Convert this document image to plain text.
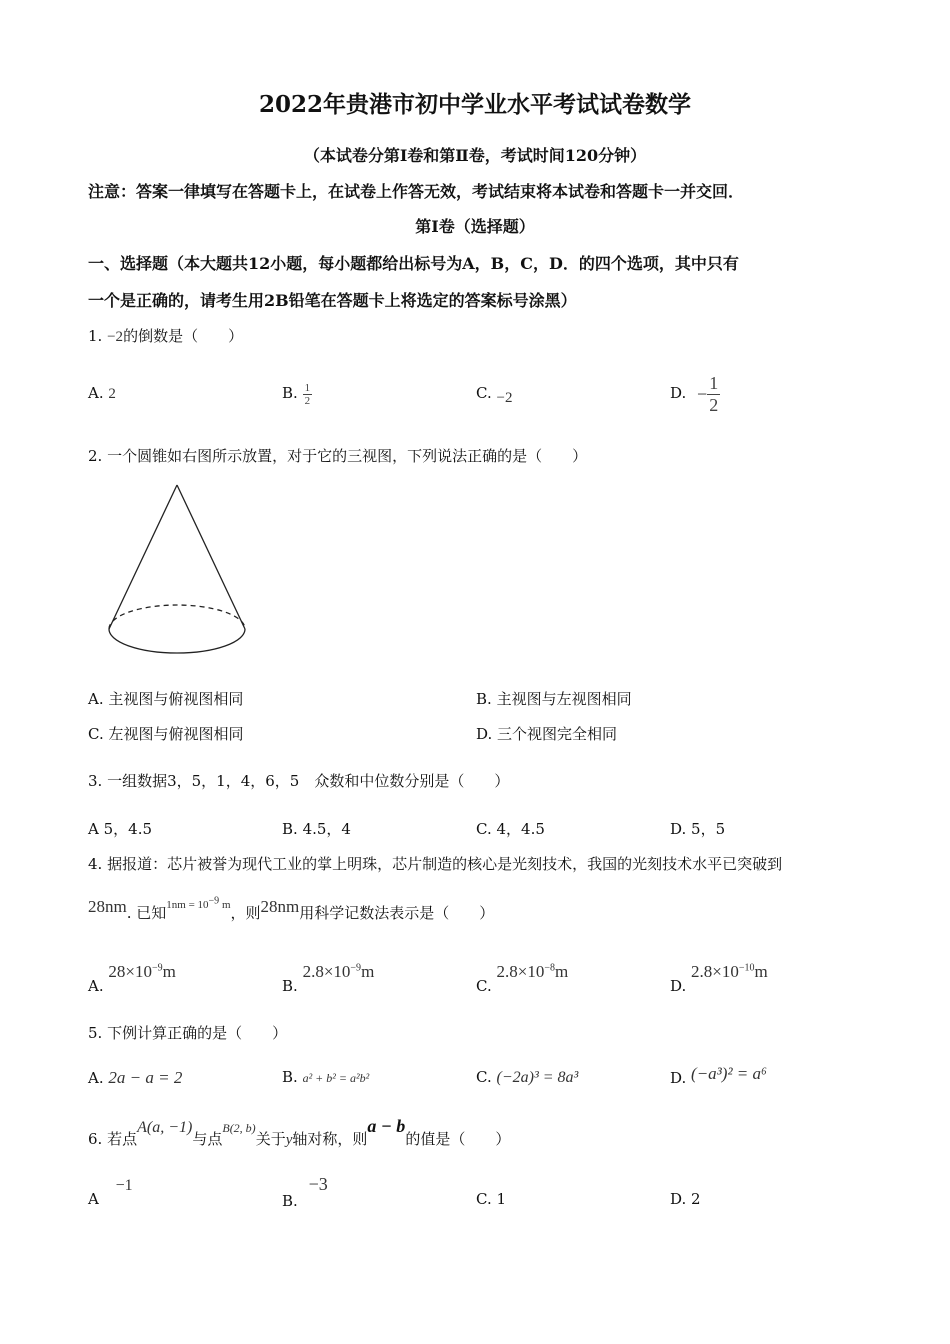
2022年贵港市初中学业水平考试试卷数学
（本试卷分第Ⅰ卷和第Ⅱ卷，考试时间120分钟）
注意：答案一律填写在答题卡上，在试卷上作答无效，考试结束将本试卷和答题卡一并交回．
第Ⅰ卷（选择题）
一、选择题（本大题共12小题，每小题都给出标号为A，B，C，D．的四个选项，其中只有
一个是正确的，请考生用2B铅笔在答题卡上将选定的答案标号涂黑）
1. −2的倒数是（　　）
A. 2	B. $\frac{1}{2}$	C. −2	D. − $\frac{1}{2}$
2. 一个圆锥如右图所示放置，对于它的三视图，下列说法正确的是（　　）
A. 主视图与俯视图相同	B. 主视图与左视图相同
C. 左视图与俯视图相同	D. 三个视图完全相同
3. 一组数据3，5，1，4，6，5　众数和中位数分别是（　　）
A 5，4.5	B. 4.5，4	C. 4，4.5	D. 5，5
4. 据报道：芯片被誉为现代工业的掌上明珠，芯片制造的核心是光刻技术，我国的光刻技术水平已突破到
28nm. 已知$^{1nm = 10^{-9} m}$，则28nm用科学记数法表示是（　　）
A. $28\times 10^{-9}m$
B. $2.8\times 10^{-9}m$
C. $2.8\times 10^{-8}m$
D. $2.8\times 10^{-10}m$
5. 下例计算正确的是（　　）
A. 2a − a = 2	B. a² + b² = a²b²	C. (−2a)³ = 8a³	D. (−a³)² = a⁶
6. 若点A(a, −1)与点B(2, b)关于y轴对称，则a − b的值是（　　）
A −1
B. −3
C. 1	D. 2
